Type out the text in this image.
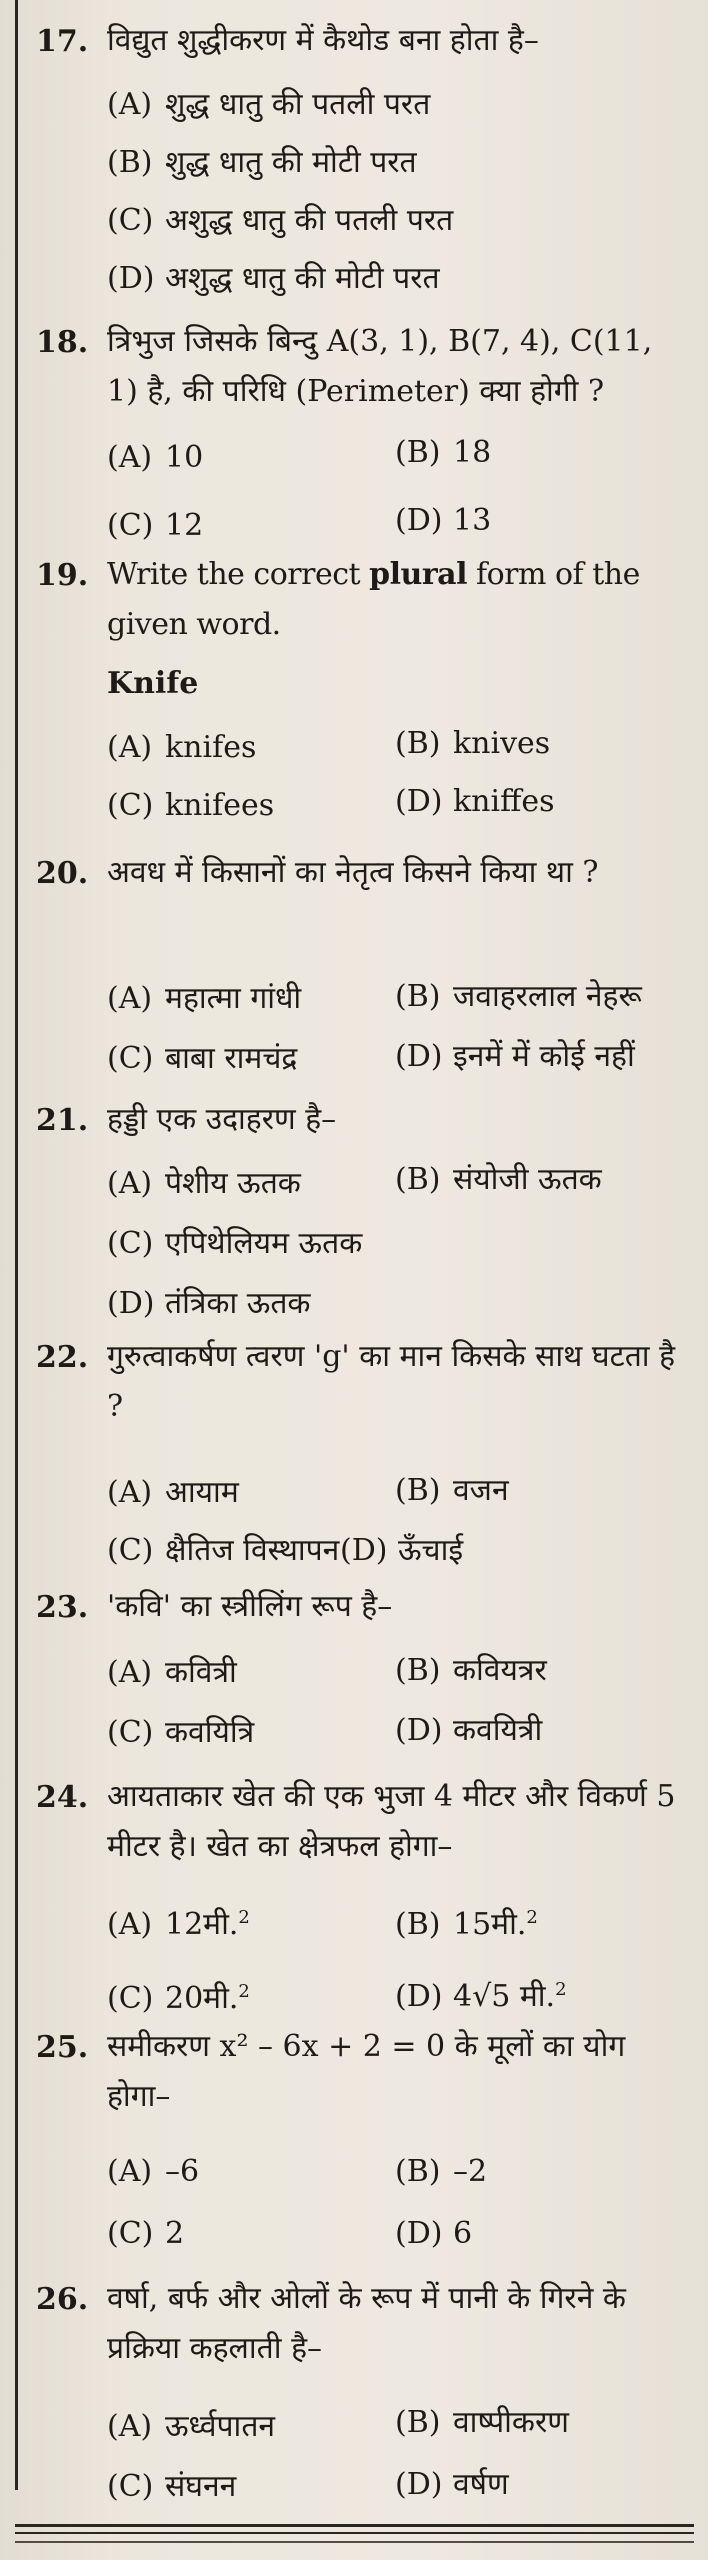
17. विद्युत शुद्धीकरण में कैथोड बना होता है–
(A) शुद्ध धातु की पतली परत
(B) शुद्ध धातु की मोटी परत
(C) अशुद्ध धातु की पतली परत
(D) अशुद्ध धातु की मोटी परत
18. त्रिभुज जिसके बिन्दु A(3, 1), B(7, 4), C(11, 1) है, की परिधि (Perimeter) क्या होगी ?
(A) 10	(B) 18
(C) 12	(D) 13
19. Write the correct plural form of the given word.
Knife
(A) knifes	(B) knives
(C) knifees	(D) kniffes
20. अवध में किसानों का नेतृत्व किसने किया था ?
(A) महात्मा गांधी	(B) जवाहरलाल नेहरू
(C) बाबा रामचंद्र	(D) इनमें में कोई नहीं
21. हड्डी एक उदाहरण है–
(A) पेशीय ऊतक	(B) संयोजी ऊतक
(C) एपिथेलियम ऊतक
(D) तंत्रिका ऊतक
22. गुरुत्वाकर्षण त्वरण 'g' का मान किसके साथ घटता है ?
(A) आयाम	(B) वजन
(C) क्षैतिज विस्थापन (D) ऊँचाई
23. 'कवि' का स्त्रीलिंग रूप है–
(A) कवित्री	(B) कवियत्रर
(C) कवयित्रि	(D) कवयित्री
24. आयताकार खेत की एक भुजा 4 मीटर और विकर्ण 5 मीटर है। खेत का क्षेत्रफल होगा–
(A) 12मी.$^2$	(B) 15मी.$^2$
(C) 20मी.$^2$	(D) 4√5 मी.$^2$
25. समीकरण x² – 6x + 2 = 0 के मूलों का योग होगा–
(A) –6	(B) –2
(C) 2	(D) 6
26. वर्षा, बर्फ और ओलों के रूप में पानी के गिरने के प्रक्रिया कहलाती है–
(A) ऊर्ध्वपातन	(B) वाष्पीकरण
(C) संघनन	(D) वर्षण
